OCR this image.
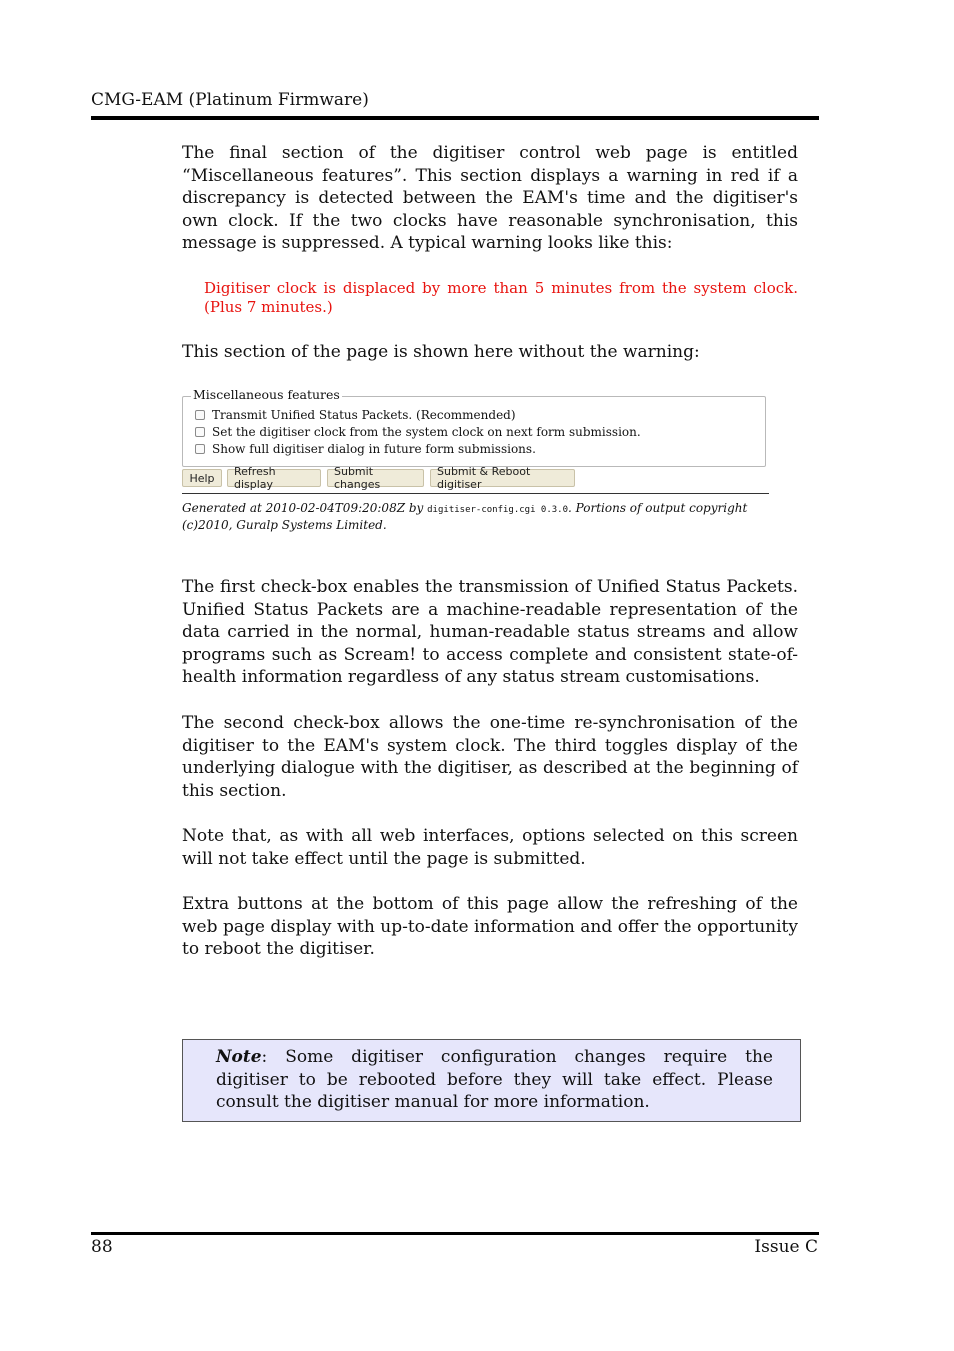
CMG-EAM (Platinum Firmware)

The final section of the digitiser control web page is entitled “Miscellaneous features”. This section displays a warning in red if a discrepancy is detected between the EAM's time and the digitiser's own clock. If the two clocks have reasonable synchronisation, this message is suppressed. A typical warning looks like this:

Digitiser clock is displaced by more than 5 minutes from the system clock. (Plus 7 minutes.)

This section of the page is shown here without the warning:

Miscellaneous features
Transmit Unified Status Packets. (Recommended)
Set the digitiser clock from the system clock on next form submission.
Show full digitiser dialog in future form submissions.
Help	Refresh display
Submit changes
Submit & Reboot digitiser
Generated at 2010-02-04T09:20:08Z by digitiser-config.cgi 0.3.0. Portions of output copyright (c)2010, Guralp Systems Limited.

The first check-box enables the transmission of Unified Status Packets. Unified Status Packets are a machine-readable representation of the data carried in the normal, human-readable status streams and allow programs such as Scream! to access complete and consistent state-of-health information regardless of any status stream customisations.

The second check-box allows the one-time re-synchronisation of the digitiser to the EAM's system clock. The third toggles display of the underlying dialogue with the digitiser, as described at the beginning of this section.

Note that, as with all web interfaces, options selected on this screen will not take effect until the page is submitted.

Extra buttons at the bottom of this page allow the refreshing of the web page display with up-to-date information and offer the opportunity to reboot the digitiser.

Note: Some digitiser configuration changes require the digitiser to be rebooted before they will take effect. Please consult the digitiser manual for more information.

88	Issue C
